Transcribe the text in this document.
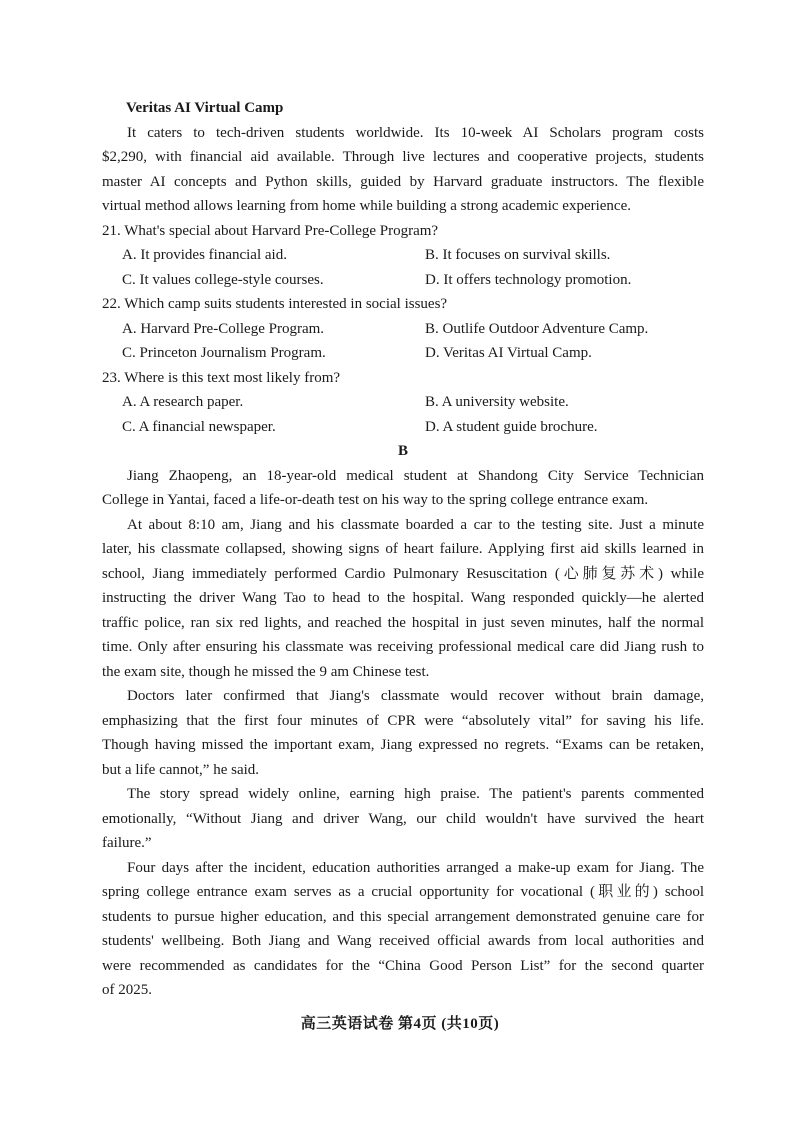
Veritas AI Virtual Camp
It caters to tech-driven students worldwide. Its 10-week AI Scholars program costs
$2,290, with financial aid available. Through live lectures and cooperative projects, students
master AI concepts and Python skills, guided by Harvard graduate instructors. The flexible
virtual method allows learning from home while building a strong academic experience.
21. What's special about Harvard Pre-College Program?
A. It provides financial aid.	B. It focuses on survival skills.
C. It values college-style courses.	D. It offers technology promotion.
22. Which camp suits students interested in social issues?
A. Harvard Pre-College Program.	B. Outlife Outdoor Adventure Camp.
C. Princeton Journalism Program.	D. Veritas AI Virtual Camp.
23. Where is this text most likely from?
A. A research paper.	B. A university website.
C. A financial newspaper.	D. A student guide brochure.
B
Jiang Zhaopeng, an 18-year-old medical student at Shandong City Service Technician
College in Yantai, faced a life-or-death test on his way to the spring college entrance exam.
At about 8:10 am, Jiang and his classmate boarded a car to the testing site. Just a minute
later, his classmate collapsed, showing signs of heart failure. Applying first aid skills learned in
school, Jiang immediately performed Cardio Pulmonary Resuscitation (心肺复苏术) while
instructing the driver Wang Tao to head to the hospital. Wang responded quickly—he alerted
traffic police, ran six red lights, and reached the hospital in just seven minutes, half the normal
time. Only after ensuring his classmate was receiving professional medical care did Jiang rush to
the exam site, though he missed the 9 am Chinese test.
Doctors later confirmed that Jiang's classmate would recover without brain damage,
emphasizing that the first four minutes of CPR were “absolutely vital” for saving his life.
Though having missed the important exam, Jiang expressed no regrets. “Exams can be retaken,
but a life cannot,” he said.
The story spread widely online, earning high praise. The patient's parents commented
emotionally, “Without Jiang and driver Wang, our child wouldn't have survived the heart
failure.”
Four days after the incident, education authorities arranged a make-up exam for Jiang. The
spring college entrance exam serves as a crucial opportunity for vocational (职业的) school
students to pursue higher education, and this special arrangement demonstrated genuine care for
students' wellbeing. Both Jiang and Wang received official awards from local authorities and
were recommended as candidates for the “China Good Person List” for the second quarter
of 2025.
高三英语试卷 第4页 (共10页)
